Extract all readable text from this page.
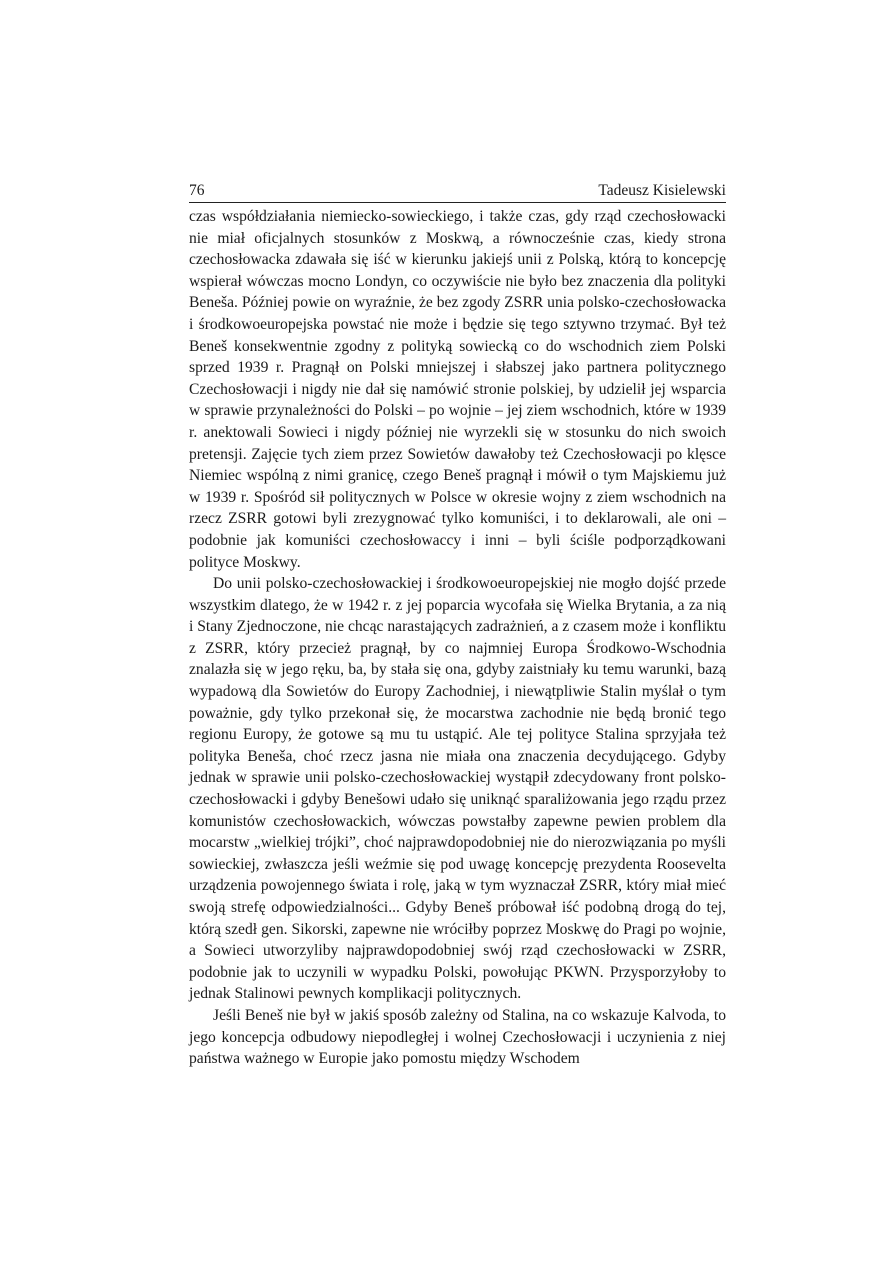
76	Tadeusz Kisielewski

czas współdziałania niemiecko-sowieckiego, i także czas, gdy rząd czechosłowacki nie miał oficjalnych stosunków z Moskwą, a równocześnie czas, kiedy strona czechosłowacka zdawała się iść w kierunku jakiejś unii z Polską, którą to koncepcję wspierał wówczas mocno Londyn, co oczywiście nie było bez znaczenia dla polityki Beneša. Później powie on wyraźnie, że bez zgody ZSRR unia polsko-czechosłowacka i środkowoeuropejska powstać nie może i będzie się tego sztywno trzymać. Był też Beneš konsekwentnie zgodny z polityką sowiecką co do wschodnich ziem Polski sprzed 1939 r. Pragnął on Polski mniejszej i słabszej jako partnera politycznego Czechosłowacji i nigdy nie dał się namówić stronie polskiej, by udzielił jej wsparcia w sprawie przynależności do Polski – po wojnie – jej ziem wschodnich, które w 1939 r. anektowali Sowieci i nigdy później nie wyrzekli się w stosunku do nich swoich pretensji. Zajęcie tych ziem przez Sowietów dawałoby też Czechosłowacji po klęsce Niemiec wspólną z nimi granicę, czego Beneš pragnął i mówił o tym Majskiemu już w 1939 r. Spośród sił politycznych w Polsce w okresie wojny z ziem wschodnich na rzecz ZSRR gotowi byli zrezygnować tylko komuniści, i to deklarowali, ale oni – podobnie jak komuniści czechosłowaccy i inni – byli ściśle podporządkowani polityce Moskwy.

Do unii polsko-czechosłowackiej i środkowoeuropejskiej nie mogło dojść przede wszystkim dlatego, że w 1942 r. z jej poparcia wycofała się Wielka Brytania, a za nią i Stany Zjednoczone, nie chcąc narastających zadrażnień, a z czasem może i konfliktu z ZSRR, który przecież pragnął, by co najmniej Europa Środkowo-Wschodnia znalazła się w jego ręku, ba, by stała się ona, gdyby zaistniały ku temu warunki, bazą wypadową dla Sowietów do Europy Zachodniej, i niewątpliwie Stalin myślał o tym poważnie, gdy tylko przekonał się, że mocarstwa zachodnie nie będą bronić tego regionu Europy, że gotowe są mu tu ustąpić. Ale tej polityce Stalina sprzyjała też polityka Beneša, choć rzecz jasna nie miała ona znaczenia decydującego. Gdyby jednak w sprawie unii polsko-czechosłowackiej wystąpił zdecydowany front polsko-czechosłowacki i gdyby Benešowi udało się uniknąć sparaliżowania jego rządu przez komunistów czechosłowackich, wówczas powstałby zapewne pewien problem dla mocarstw „wielkiej trójki”, choć najprawdopodobniej nie do nierozwiązania po myśli sowieckiej, zwłaszcza jeśli weźmie się pod uwagę koncepcję prezydenta Roosevelta urządzenia powojennego świata i rolę, jaką w tym wyznaczał ZSRR, który miał mieć swoją strefę odpowiedzialności... Gdyby Beneš próbował iść podobną drogą do tej, którą szedł gen. Sikorski, zapewne nie wróciłby poprzez Moskwę do Pragi po wojnie, a Sowieci utworzyliby najprawdopodobniej swój rząd czechosłowacki w ZSRR, podobnie jak to uczynili w wypadku Polski, powołując PKWN. Przysporzyłoby to jednak Stalinowi pewnych komplikacji politycznych.

Jeśli Beneš nie był w jakiś sposób zależny od Stalina, na co wskazuje Kalvoda, to jego koncepcja odbudowy niepodległej i wolnej Czechosłowacji i uczynienia z niej państwa ważnego w Europie jako pomostu między Wschodem
